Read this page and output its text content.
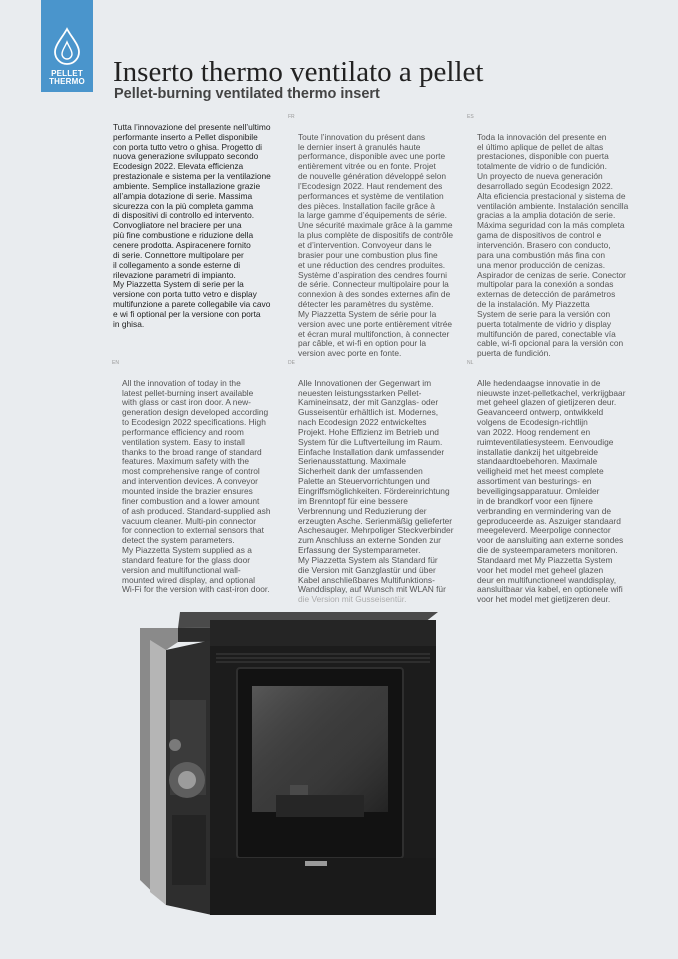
PELLET
THERMO Inserto thermo ventilato a pellet
Pellet-burning ventilated thermo insert

Tutta l’innovazione del presente nell’ultimo
performante inserto a Pellet disponibile
con porta tutto vetro o ghisa. Progetto di
nuova generazione sviluppato secondo
Ecodesign 2022. Elevata efficienza
prestazionale e sistema per la ventilazione
ambiente. Semplice installazione grazie
all’ampia dotazione di serie. Massima
sicurezza con la più completa gamma
di dispositivi di controllo ed intervento.
Convogliatore nel braciere per una
più fine combustione e riduzione della
cenere prodotta. Aspiracenere fornito
di serie. Connettore multipolare per
il collegamento a sonde esterne di
rilevazione parametri di impianto.
My Piazzetta System di serie per la
versione con porta tutto vetro e display
multifunzione a parete collegabile via cavo
e wi fi optional per la versione con porta
in ghisa.

FR

Toute l’innovation du présent dans
le dernier insert à granulés haute
performance, disponible avec une porte
entièrement vitrée ou en fonte. Projet
de nouvelle génération développé selon
l’Ecodesign 2022. Haut rendement des
performances et système de ventilation
des pièces. Installation facile grâce à
la large gamme d’équipements de série.
Une sécurité maximale grâce à la gamme
la plus complète de dispositifs de contrôle
et d’intervention. Convoyeur dans le
brasier pour une combustion plus fine
et une réduction des cendres produites.
Système d’aspiration des cendres fourni
de série. Connecteur multipolaire pour la
connexion à des sondes externes afin de
détecter les paramètres du système.
My Piazzetta System de série pour la
version avec une porte entièrement vitrée
et écran mural multifonction, à connecter
par câble, et wi-fi en option pour la
version avec porte en fonte.

ES

Toda la innovación del presente en
el último aplique de pellet de altas
prestaciones, disponible con puerta
totalmente de vidrio o de fundición.
Un proyecto de nueva generación
desarrollado según Ecodesign 2022.
Alta eficiencia prestacional y sistema de
ventilación ambiente. Instalación sencilla
gracias a la amplia dotación de serie.
Máxima seguridad con la más completa
gama de dispositivos de control e
intervención. Brasero con conducto,
para una combustión más fina con
una menor producción de cenizas.
Aspirador de cenizas de serie. Conector
multipolar para la conexión a sondas
externas de detección de parámetros
de la instalación. My Piazzetta
System de serie para la versión con
puerta totalmente de vidrio y display
multifunción de pared, conectable vía
cable, wi-fi opcional para la versión con
puerta de fundición.

EN

All the innovation of today in the
latest pellet-burning insert available
with glass or cast iron door. A new-
generation design developed according
to Ecodesign 2022 specifications. High
performance efficiency and room
ventilation system. Easy to install
thanks to the broad range of standard
features. Maximum safety with the
most comprehensive range of control
and intervention devices. A conveyor
mounted inside the brazier ensures
finer combustion and a lower amount
of ash produced. Standard-supplied ash
vacuum cleaner. Multi-pin connector
for connection to external sensors that
detect the system parameters.
My Piazzetta System supplied as a
standard feature for the glass door
version and multifunctional wall-
mounted wired display, and optional
Wi-Fi for the version with cast-iron door.

DE

Alle Innovationen der Gegenwart im
neuesten leistungsstarken Pellet-
Kamineinsatz, der mit Ganzglas- oder
Gusseisentür erhältlich ist. Modernes,
nach Ecodesign 2022 entwickeltes
Projekt. Hohe Effizienz im Betrieb und
System für die Luftverteilung im Raum.
Einfache Installation dank umfassender
Serienausstattung. Maximale
Sicherheit dank der umfassenden
Palette an Steuervorrichtungen und
Eingriffsmöglichkeiten. Fördereinrichtung
im Brenntopf für eine bessere
Verbrennung und Reduzierung der
erzeugten Asche. Serienmäßig gelieferter
Aschesauger. Mehrpoliger Steckverbinder
zum Anschluss an externe Sonden zur
Erfassung der Systemparameter.
My Piazzetta System als Standard für
die Version mit Ganzglastür und über
Kabel anschließbares Multifunktions-
Wanddisplay, auf Wunsch mit WLAN für
die Version mit Gusseisentür.

NL

Alle hedendaagse innovatie in de
nieuwste inzet-pelletkachel, verkrijgbaar
met geheel glazen of gietijzeren deur.
Geavanceerd ontwerp, ontwikkeld
volgens de Ecodesign-richtlijn
van 2022. Hoog rendement en
ruimteventilatiesysteem. Eenvoudige
installatie dankzij het uitgebreide
standaardtoebehoren. Maximale
veiligheid met het meest complete
assortiment van besturings- en
beveiligingsapparatuur. Omleider
in de brandkorf voor een fijnere
verbranding en vermindering van de
geproduceerde as. Aszuiger standaard
meegeleverd. Meerpolige connector
voor de aansluiting aan externe sondes
die de systeemparameters monitoren.
Standaard met My Piazzetta System
voor het model met geheel glazen
deur en multifunctioneel wanddisplay,
aansluitbaar via kabel, en optionele wifi
voor het model met gietijzeren deur.
